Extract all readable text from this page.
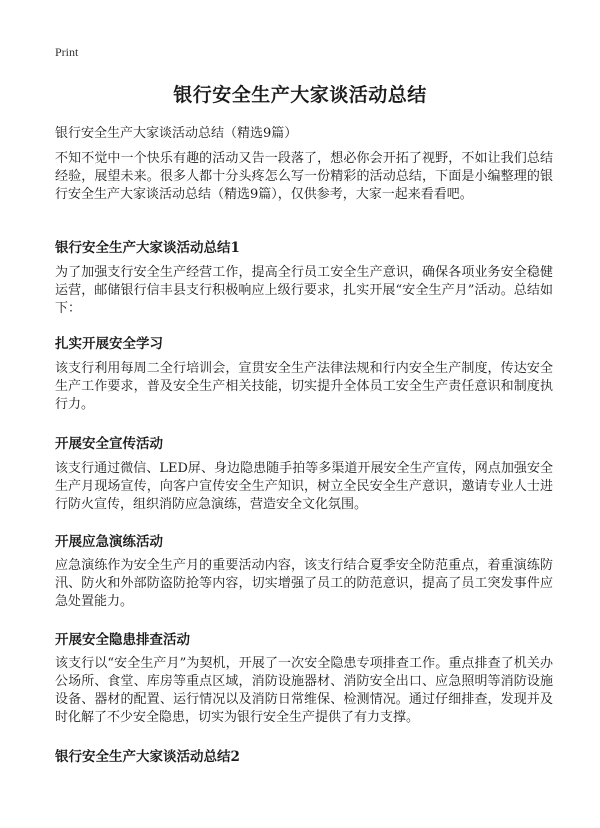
Print
银行安全生产大家谈活动总结
银行安全生产大家谈活动总结（精选9篇）

不知不觉中一个快乐有趣的活动又告一段落了，想必你会开拓了视野，不如让我们总结经验，展望未来。很多人都十分头疼怎么写一份精彩的活动总结，下面是小编整理的银行安全生产大家谈活动总结（精选9篇），仅供参考，大家一起来看看吧。

银行安全生产大家谈活动总结1

为了加强支行安全生产经营工作，提高全行员工安全生产意识，确保各项业务安全稳健运营，邮储银行信丰县支行积极响应上级行要求，扎实开展“安全生产月”活动。总结如下：

扎实开展安全学习

该支行利用每周二全行培训会，宣贯安全生产法律法规和行内安全生产制度，传达安全生产工作要求，普及安全生产相关技能，切实提升全体员工安全生产责任意识和制度执行力。

开展安全宣传活动

该支行通过微信、LED屏、身边隐患随手拍等多渠道开展安全生产宣传，网点加强安全生产月现场宣传，向客户宣传安全生产知识，树立全民安全生产意识，邀请专业人士进行防火宣传，组织消防应急演练，营造安全文化氛围。

开展应急演练活动

应急演练作为安全生产月的重要活动内容，该支行结合夏季安全防范重点，着重演练防汛、防火和外部防盗防抢等内容，切实增强了员工的防范意识，提高了员工突发事件应急处置能力。

开展安全隐患排查活动

该支行以“安全生产月”为契机，开展了一次安全隐患专项排查工作。重点排查了机关办公场所、食堂、库房等重点区域，消防设施器材、消防安全出口、应急照明等消防设施设备、器材的配置、运行情况以及消防日常维保、检测情况。通过仔细排查，发现并及时化解了不少安全隐患，切实为银行安全生产提供了有力支撑。

银行安全生产大家谈活动总结2
